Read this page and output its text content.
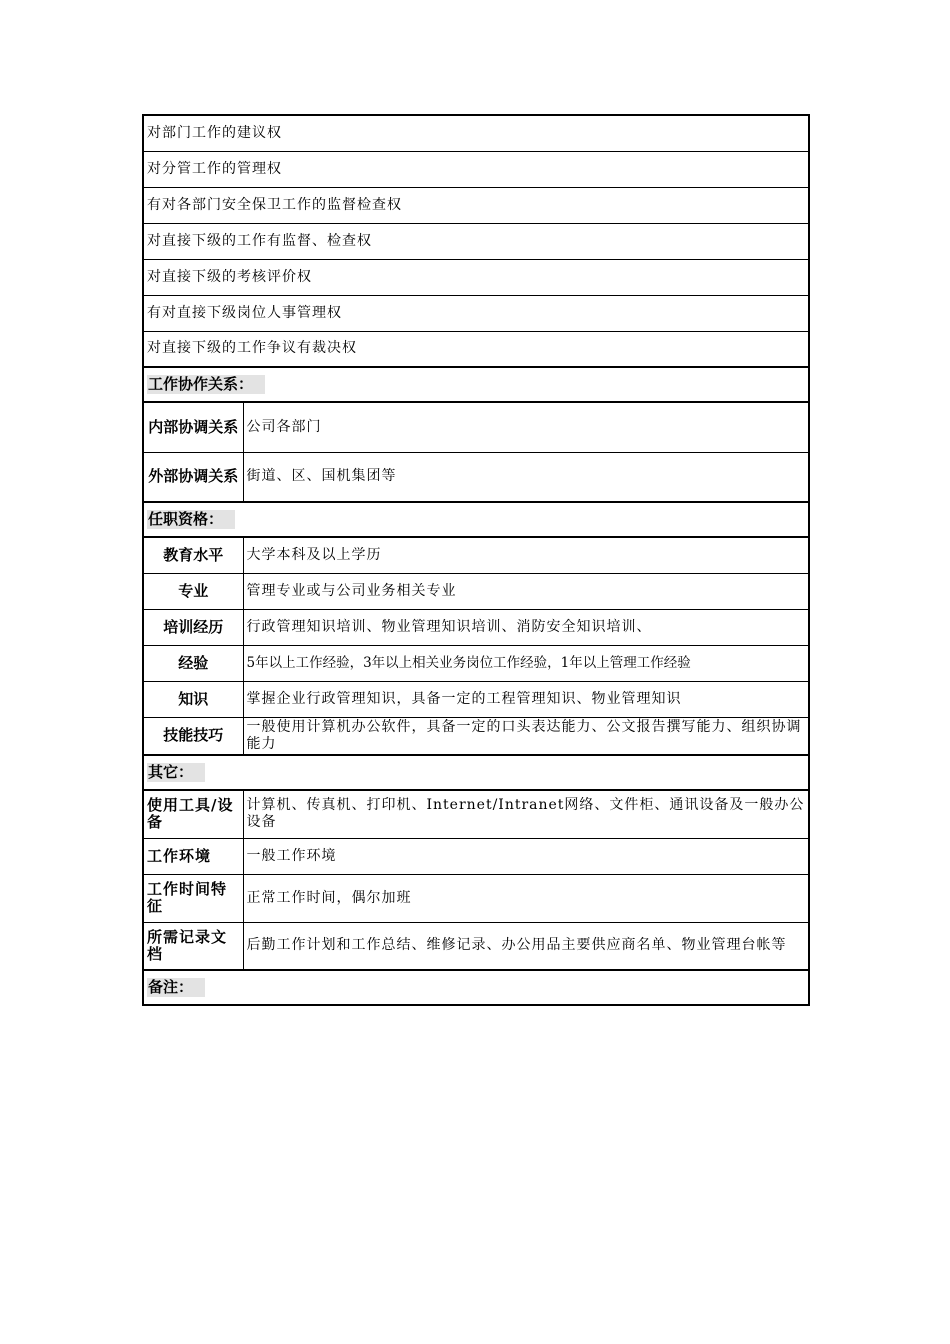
对部门工作的建议权	
对分管工作的管理权	
有对各部门安全保卫工作的监督检查权	
对直接下级的工作有监督、检查权	
对直接下级的考核评价权	
有对直接下级岗位人事管理权	
对直接下级的工作争议有裁决权	
工作协作关系：	
内部协调关系	公司各部门
外部协调关系	街道、区、国机集团等
任职资格：	
教育水平	大学本科及以上学历
专业	管理专业或与公司业务相关专业
培训经历	行政管理知识培训、物业管理知识培训、消防安全知识培训、
经验	5年以上工作经验，3年以上相关业务岗位工作经验，1年以上管理工作经验
知识	掌握企业行政管理知识，具备一定的工程管理知识、物业管理知识
技能技巧	一般使用计算机办公软件，具备一定的口头表达能力、公文报告撰写能力、组织协调能力
其它：	
使用工具/设备	计算机、传真机、打印机、Internet/Intranet网络、文件柜、通讯设备及一般办公设备
工作环境	一般工作环境
工作时间特征	正常工作时间，偶尔加班
所需记录文档	后勤工作计划和工作总结、维修记录、办公用品主要供应商名单、物业管理台帐等
备注：	
